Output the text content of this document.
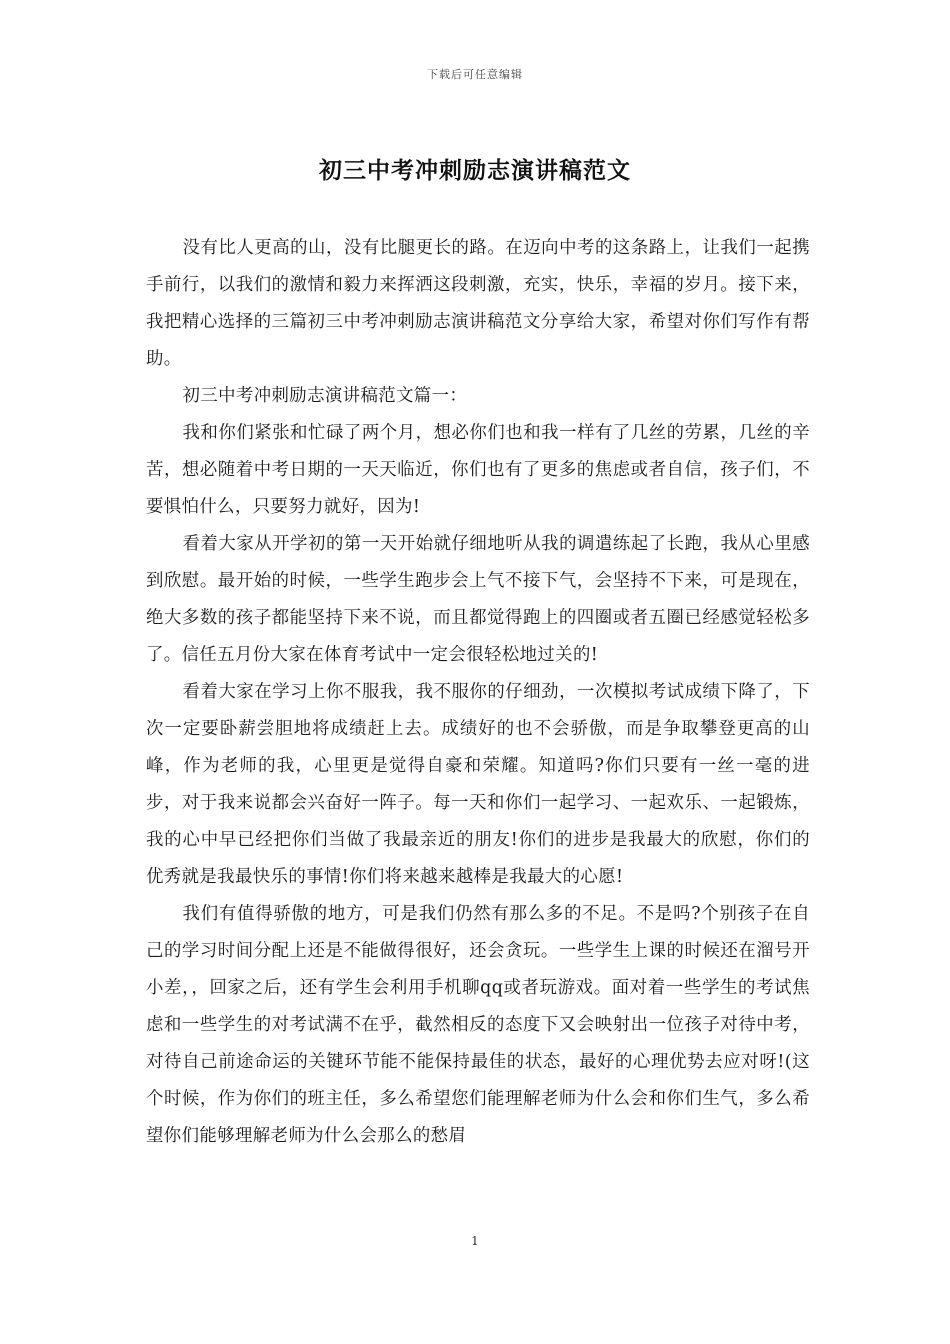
下载后可任意编辑
初三中考冲刺励志演讲稿范文

没有比人更高的山，没有比腿更长的路。在迈向中考的这条路上，让我们一起携手前行，以我们的激情和毅力来挥洒这段刺激，充实，快乐，幸福的岁月。接下来，我把精心选择的三篇初三中考冲刺励志演讲稿范文分享给大家，希望对你们写作有帮助。

初三中考冲刺励志演讲稿范文篇一：

我和你们紧张和忙碌了两个月，想必你们也和我一样有了几丝的劳累，几丝的辛苦，想必随着中考日期的一天天临近，你们也有了更多的焦虑或者自信，孩子们，不要惧怕什么，只要努力就好，因为!

看着大家从开学初的第一天开始就仔细地听从我的调遣练起了长跑，我从心里感到欣慰。最开始的时候，一些学生跑步会上气不接下气，会坚持不下来，可是现在，绝大多数的孩子都能坚持下来不说，而且都觉得跑上的四圈或者五圈已经感觉轻松多了。信任五月份大家在体育考试中一定会很轻松地过关的!

看着大家在学习上你不服我，我不服你的仔细劲，一次模拟考试成绩下降了，下次一定要卧薪尝胆地将成绩赶上去。成绩好的也不会骄傲，而是争取攀登更高的山峰，作为老师的我，心里更是觉得自豪和荣耀。知道吗?你们只要有一丝一毫的进步，对于我来说都会兴奋好一阵子。每一天和你们一起学习、一起欢乐、一起锻炼，我的心中早已经把你们当做了我最亲近的朋友!你们的进步是我最大的欣慰，你们的优秀就是我最快乐的事情!你们将来越来越棒是我最大的心愿!

我们有值得骄傲的地方，可是我们仍然有那么多的不足。不是吗?个别孩子在自己的学习时间分配上还是不能做得很好，还会贪玩。一些学生上课的时候还在溜号开小差，，回家之后，还有学生会利用手机聊qq或者玩游戏。面对着一些学生的考试焦虑和一些学生的对考试满不在乎，截然相反的态度下又会映射出一位孩子对待中考，对待自己前途命运的关键环节能不能保持最佳的状态，最好的心理优势去应对呀!(这个时候，作为你们的班主任，多么希望您们能理解老师为什么会和你们生气，多么希望你们能够理解老师为什么会那么的愁眉

1
